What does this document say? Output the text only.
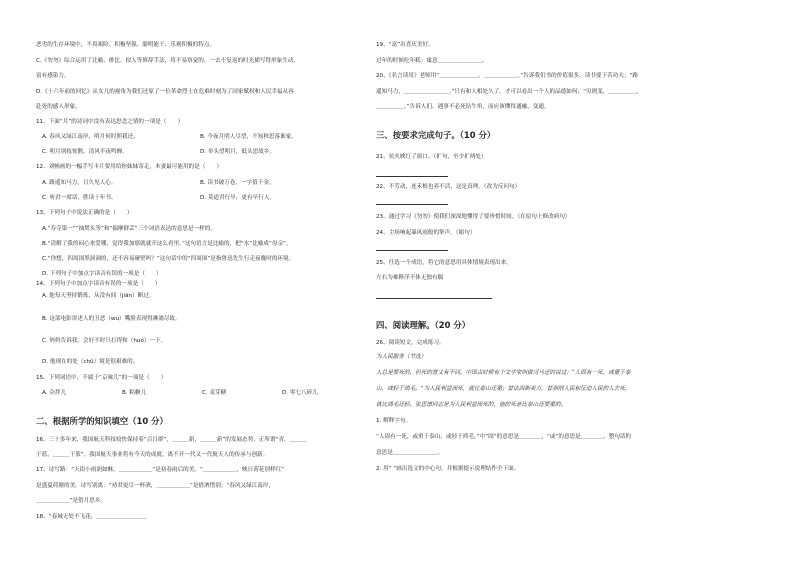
恶劣的生存环境中，不畏艰险、积极坚强、聪明能干、乐观积极的特点。
C.《勿勿》综合运用了比喻、排比、拟人等修辞手法，将不易察觉的、一去不复返的时光描写得形象生动、
富有感染力。
D.《十六年前的回忆》从女儿的视角为我们还原了一位革命烈士在危难时刻为了国家赋权和人民幸福从容
赴死的感人形象。
11、下面“月”的诗词中没有表达思念之情的一项是（　　）
A. 春风又绿江南岸，明月何时照我还。	B. 今夜月明人尽望，不知秋思落谁家。
C. 明月别枝惊鹊，清风半夜鸣蝉。	D. 举头望明月，低头思故乡。
12、刘畅画的一幅手写卡片要用给你妹妹寄走，本妻最可能用的是（　　）
A. 路遥知马力，日久见人心。	B. 读书破万卷，一字值千金。
C. 听君一席话，胜读十年书。	D. 莫道君行早，更有早行人。
13、下列句子中说法正确的是（　　）
A.“寿夺第一”“抽焚头等”和“揣摩群芸”三个词语表达的意思是一样的。
B.“清解了我的闷心来爱哪，觉得我加那就就开这么看里。”这句语言是比喻的，把“水”比喻成“母亲”。
C.“你想，四周围黑洞洞的，还不容易碰壁吗？”这句话中的“四周围”是指鲁迅先生行走夜晚时的环境。
D. 下列句子中加点字读音有误的一项是（　　）
14、下列句子中加点字读音有误的一项是（　　）
A. 他每天坚持锻炼，从没有间（jiān）断过。
B. 这部电影讲述人的丑恶（wù）嘴脸表现得淋漓尽致。
C. 妈妈告诉我，会好不时只打得和（huó）一下。
D. 他现在的处（chǔ）境是很艰难的。
15、下列词语中，不属于“京味儿”的一项是（　　）
A. 杂拌儿	B. 粘糖儿	C. 麦芽糖	D. 零七八碎儿
二、根据所学的知识填空（10 分）
16、三十多年来，我国航天科技较快保持着“百日群”，＿＿＿新，＿＿＿新”的发展态势，正所谓“青，＿＿＿
于蓝，＿＿＿于蓝”。我国航天事业将有今天的成就，离不开一代又一代航天人的传承与创新。
17、诗写路：“天街小雨润如酥，＿＿＿＿＿＿”是初春雨后的美。“＿＿＿＿＿＿，映日荷花别样红”
是盛夏荷塘的美。诗写别离：“劝君更尽一杯酒，＿＿＿＿＿＿”是借酒惜别；“春风又绿江南岸，
＿＿＿＿＿＿”是借月思乡。
18、“春城无处不飞花，＿＿＿＿＿＿＿＿＿
19、“富”出喜庆美好。
过年的时候吃年糕：寓意＿＿＿＿＿＿＿＿。
20、《名言读用》老师用“＿＿＿＿＿＿＿，＿＿＿＿＿＿。”告诉我们书的价值很多，读书要下苦功夫；“路
遥知马力，＿＿＿＿＿＿＿＿。”只有和人相处久了，才可以看出一个人的品德如何；“穷则变，＿＿＿＿＿，
＿＿＿＿＿。”告诉人们，遇事不必死钻牛角，而应该懂得通融、变通。
三、按要求完成句子。（10 分）
21、炕火映红了窗口。（扩句，至少扩两处）
22、不劳动，连禾根也养不活，这是真理。（改为反问句）
23、通过学习《勿勿》使我们深深地懂得了要珍惜时间。（在原句上修改病句）
24、尘场响起暴风雨般的掌声。（缩句）
25、任选一个成语，将它的意思用具体情境表现出来。
左右为难释洋不休无独有偶
四、阅读理解。（20 分）
26、阅读短文，完成练习。
为人民服务（节选）
人总是要死的，但死的意义有不同。中国古时候有个文学家叫做司马迁的说过：“人固有一死，或重于泰
山，或轻于鸿毛。”为人民利益而死，就比泰山还重；替法西斯卖力，替剥削人民和压迫人民的人去死，
就比鸿毛还轻。张思德同志是为人民利益而死的，他的死是比泰山还要重的。
1. 解释字句。
“人固有一死，或重于泰山，或轻于鸿毛。”中“固”的意思是＿＿＿＿，“或”的意思是＿＿＿＿。整句话的
意思是＿＿＿＿＿＿＿＿。
2. 用“ ”画出选文的中心句，并根据提示说理结作全下面。
